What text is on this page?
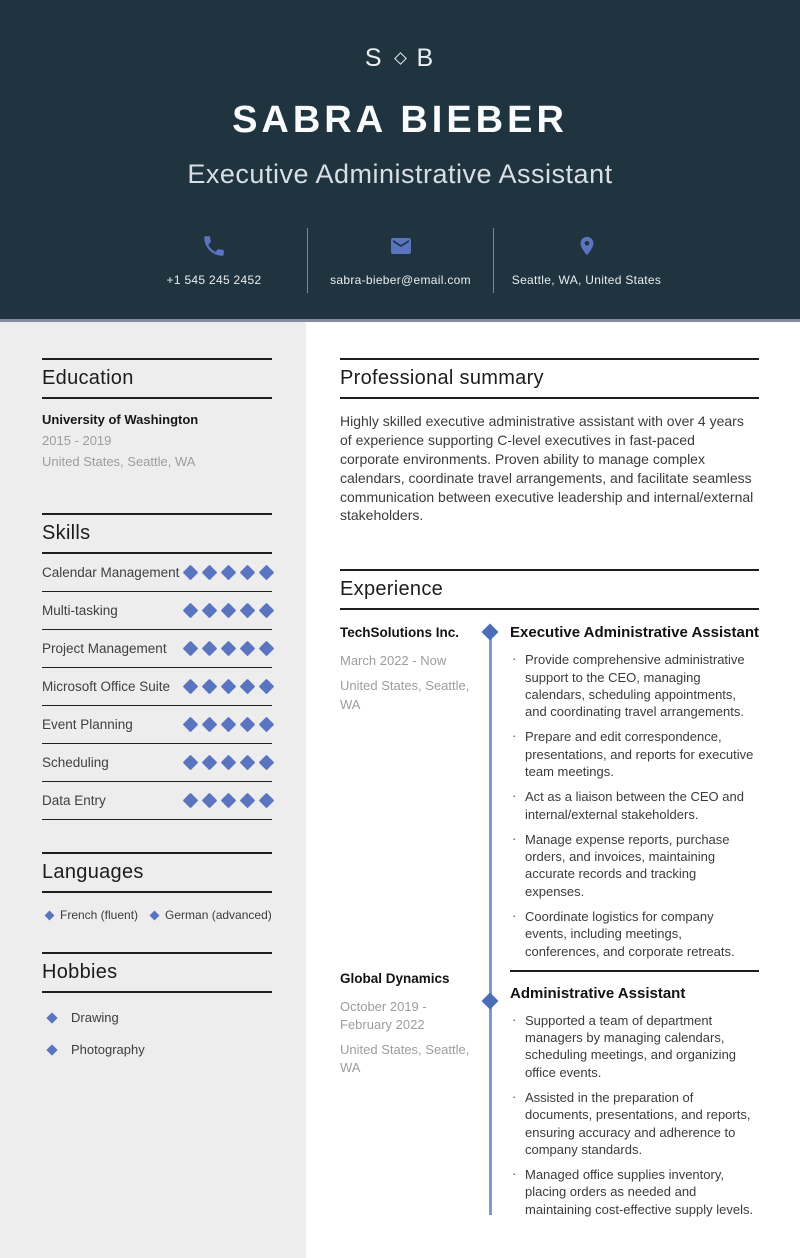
S B
SABRA BIEBER
Executive Administrative Assistant
+1 545 245 2452	sabra-bieber@email.com	Seattle, WA, United States
Education
University of Washington
2015 - 2019
United States, Seattle, WA
Skills
Calendar Management
Multi-tasking
Project Management
Microsoft Office Suite
Event Planning
Scheduling
Data Entry
Languages
French (fluent) German (advanced)
Hobbies
Drawing
Photography
Professional summary

Highly skilled executive administrative assistant with over 4 years of experience supporting C-level executives in fast-paced corporate environments. Proven ability to manage complex calendars, coordinate travel arrangements, and facilitate seamless communication between executive leadership and internal/external stakeholders.

Experience
TechSolutions Inc.
March 2022 - Now
United States, Seattle, WA
Executive Administrative Assistant
· Provide comprehensive administrative support to the CEO, managing calendars, scheduling appointments, and coordinating travel arrangements.
· Prepare and edit correspondence, presentations, and reports for executive team meetings.
· Act as a liaison between the CEO and internal/external stakeholders.
· Manage expense reports, purchase orders, and invoices, maintaining accurate records and tracking expenses.
· Coordinate logistics for company events, including meetings, conferences, and corporate retreats.
Global Dynamics
October 2019 - February 2022
United States, Seattle, WA
Administrative Assistant
· Supported a team of department managers by managing calendars, scheduling meetings, and organizing office events.
· Assisted in the preparation of documents, presentations, and reports, ensuring accuracy and adherence to company standards.
· Managed office supplies inventory, placing orders as needed and maintaining cost-effective supply levels.
